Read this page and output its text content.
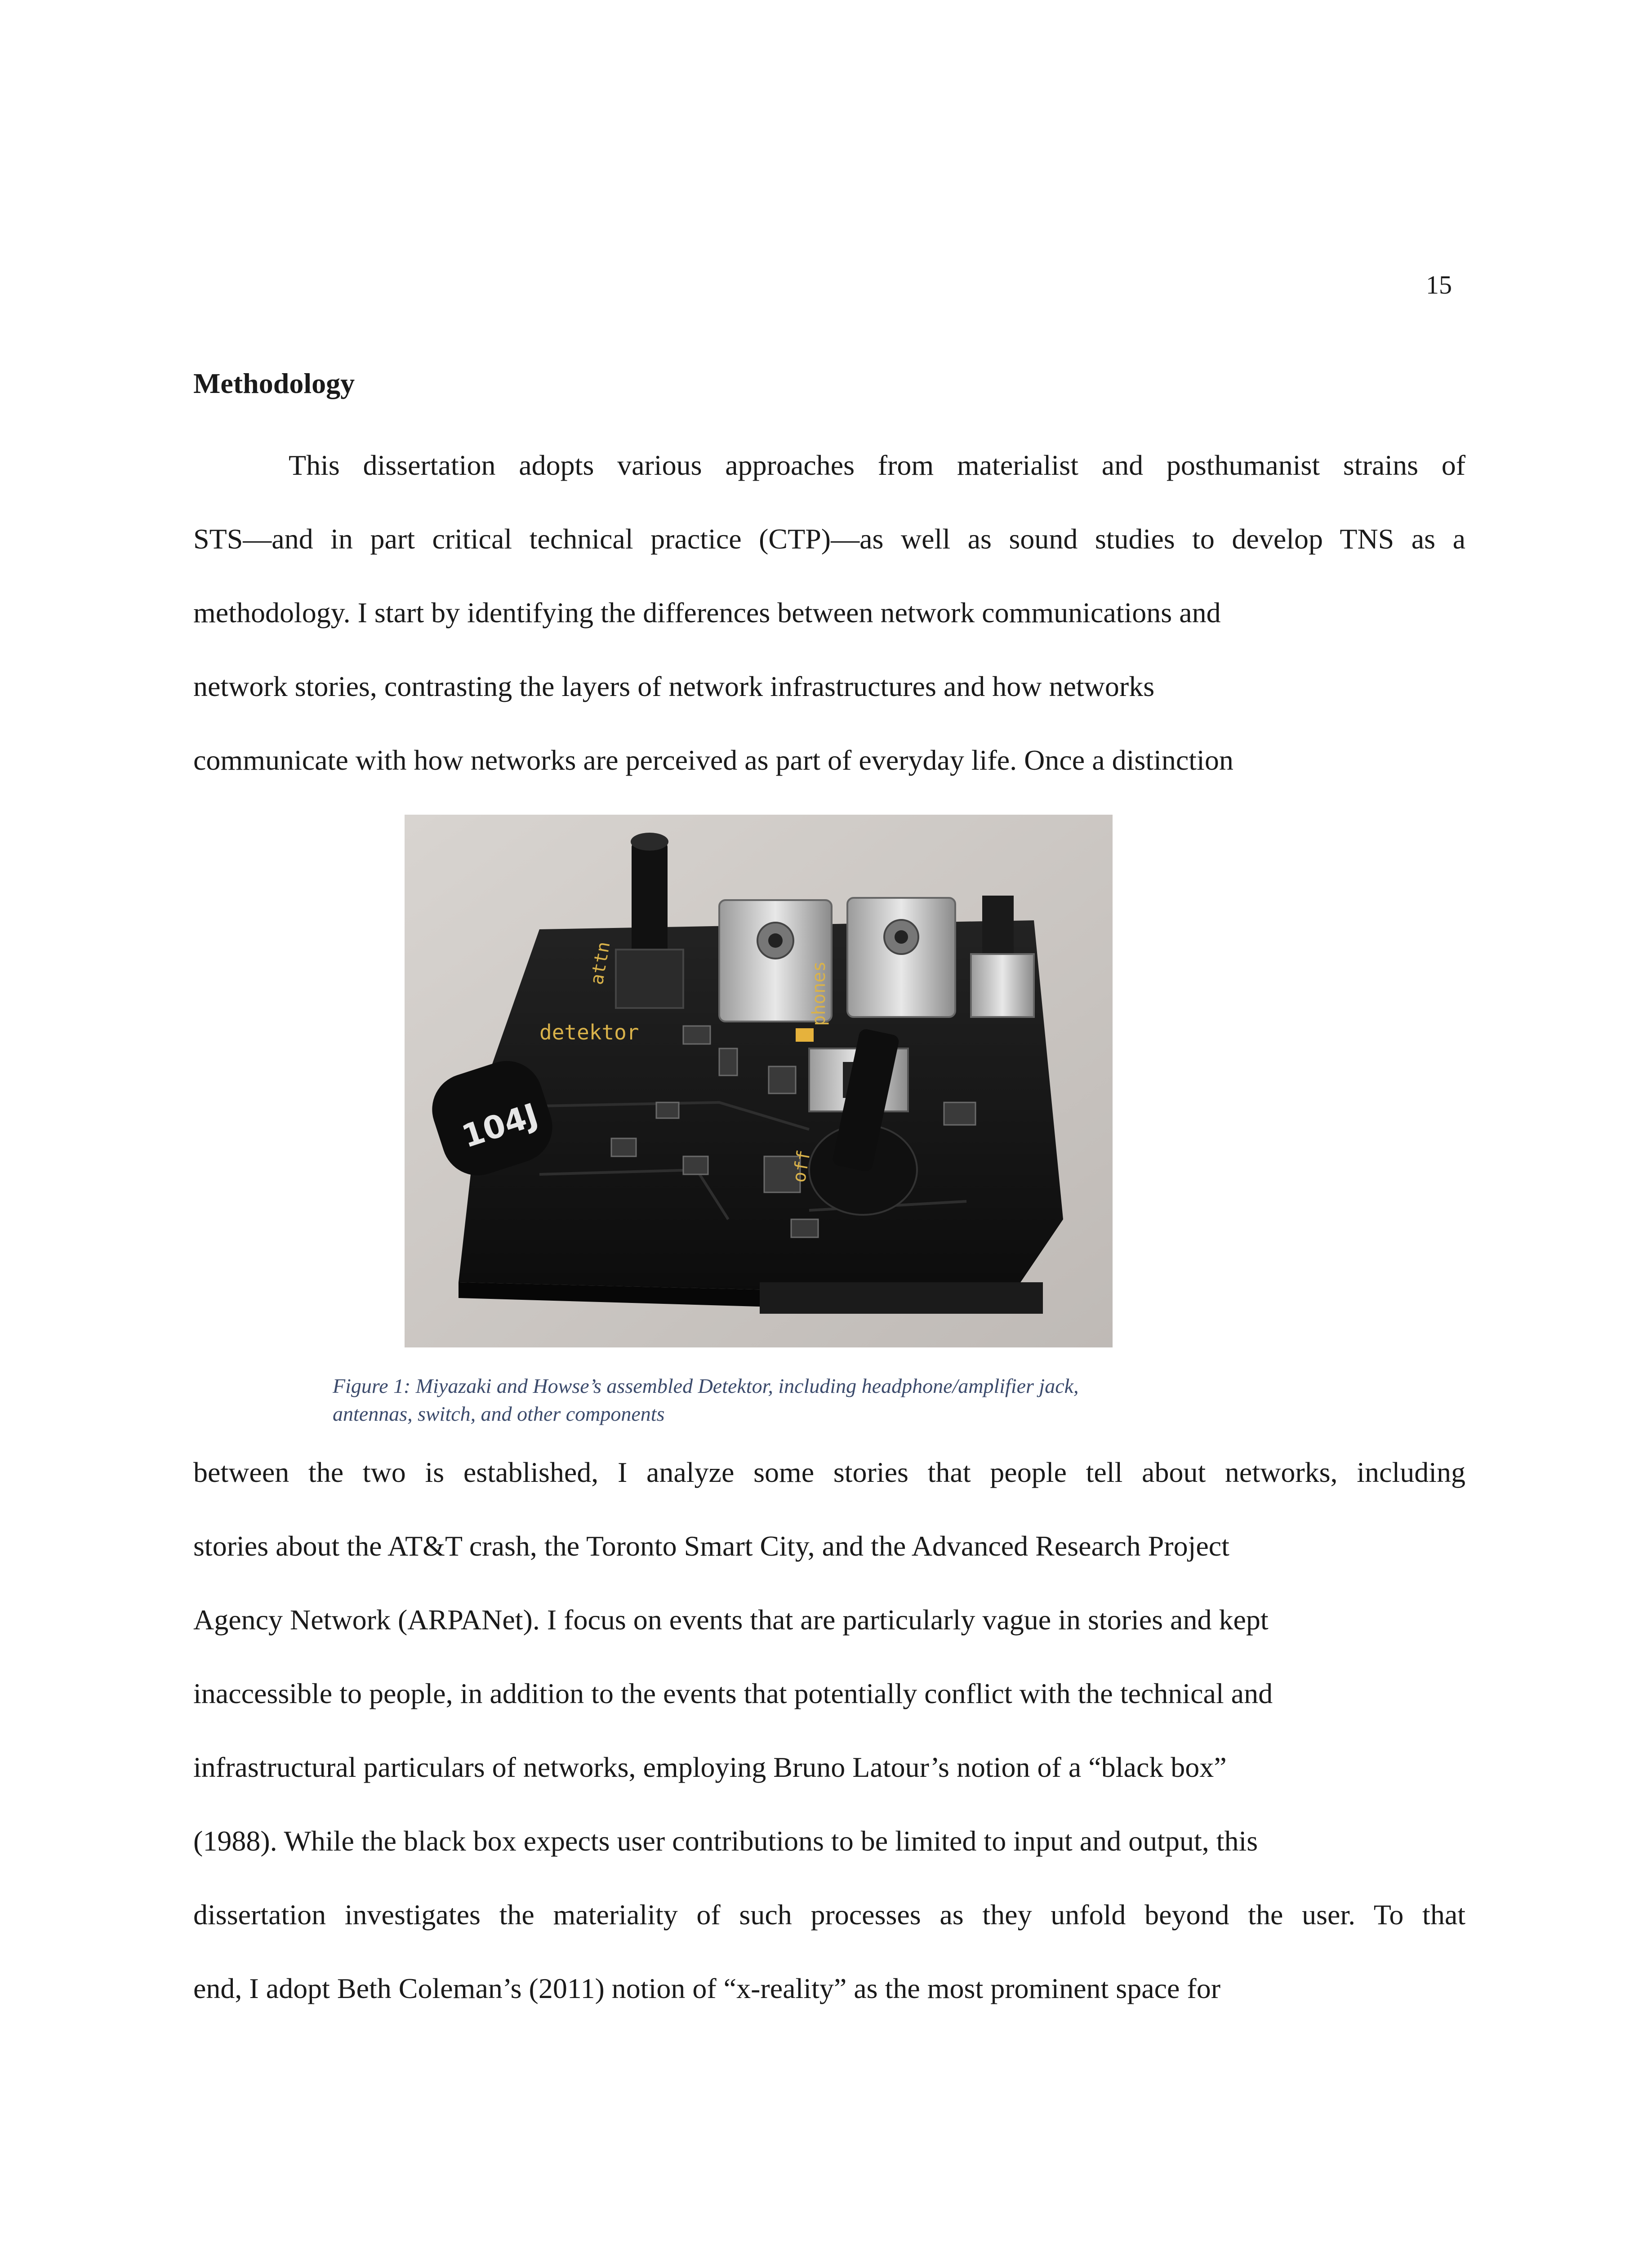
15
Methodology
This dissertation adopts various approaches from materialist and posthumanist strains of
STS—and in part critical technical practice (CTP)—as well as sound studies to develop TNS as a
methodology. I start by identifying the differences between network communications and
network stories, contrasting the layers of network infrastructures and how networks
communicate with how networks are perceived as part of everyday life. Once a distinction
104J
detektor
attn	phones
off
Figure 1: Miyazaki and Howse’s assembled Detektor, including headphone/amplifier jack,
antennas, switch, and other components
between the two is established, I analyze some stories that people tell about networks, including
stories about the AT&T crash, the Toronto Smart City, and the Advanced Research Project
Agency Network (ARPANet). I focus on events that are particularly vague in stories and kept
inaccessible to people, in addition to the events that potentially conflict with the technical and
infrastructural particulars of networks, employing Bruno Latour’s notion of a “black box”
(1988). While the black box expects user contributions to be limited to input and output, this
dissertation investigates the materiality of such processes as they unfold beyond the user. To that
end, I adopt Beth Coleman’s (2011) notion of “x-reality” as the most prominent space for
